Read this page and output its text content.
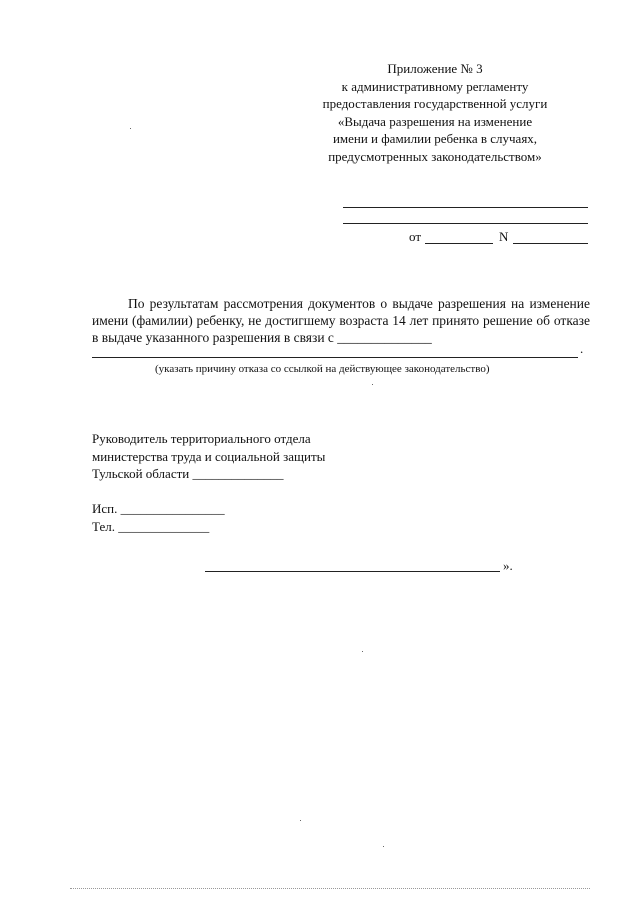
Приложение № 3
к административному регламенту
предоставления государственной услуги
«Выдача разрешения на изменение
имени и фамилии ребенка в случаях,
предусмотренных законодательством»
от	N

По результатам рассмотрения документов о выдаче разрешения на изменение имени (фамилии) ребенку, не достигшему возраста 14 лет принято решение об отказе в выдаче указанного разрешения в связи с ______________

.
(указать причину отказа со ссылкой на действующее законодательство)
Руководитель территориального отдела
министерства труда и социальной защиты
Тульской области ______________
Исп. ________________
Тел. ______________
».
